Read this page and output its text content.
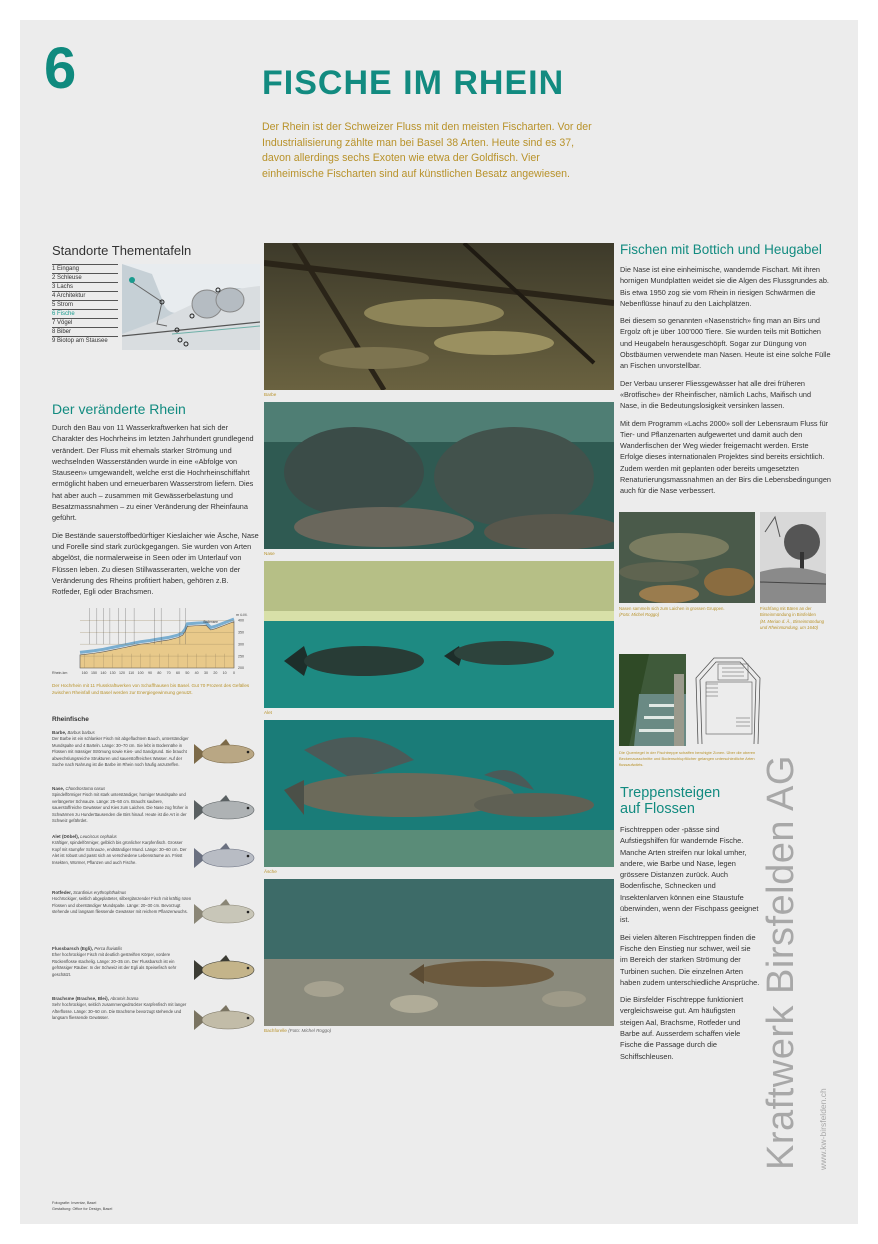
6	FISCHE IM RHEIN
Der Rhein ist der Schweizer Fluss mit den meisten Fischarten. Vor der Industrialisierung zählte man bei Basel 38 Arten. Heute sind es 37, davon allerdings sechs Exoten wie etwa der Goldfisch. Vier einheimische Fischarten sind auf künstlichen Besatz angewiesen.
Standorte Thementafeln
1 Eingang
2 Schleuse
3 Lachs
4 Architektur
5 Strom
6 Fische
7 Vögel
8 Biber
9 Biotop am Stausee
Der veränderte Rhein

Durch den Bau von 11 Wasserkraftwerken hat sich der Charakter des Hochrheins im letzten Jahrhundert grundlegend verändert. Der Fluss mit ehemals starker Strömung und wechselnden Wasserständen wurde in eine «Abfolge von Stauseen» umgewandelt, welche erst die Hochrheinschiffahrt ermöglicht haben und erneuerbaren Wasserstrom liefern. Dies hat aber auch – zusammen mit Gewässerbelastung und Besatzmassnahmen – zu einer Veränderung der Rheinfauna geführt.

Die Bestände sauerstoffbedürftiger Kieslaicher wie Äsche, Nase und Forelle sind stark zurückgegangen. Sie wurden von Arten abgelöst, die normalerweise in Seen oder im Unterlauf von Flüssen leben. Zu diesen Stillwasserarten, welche von der Veränderung des Rheins profitiert haben, gehören z.B. Rotfeder, Egli oder Brachsmen.

160 150 140 130 120 110 100 90 80 70 60 50 40 30 20 10 0
400
350
300
250
200
Rhein-km
m ü.M.
Bodensee
Der Hochrhein mit 11 Flusskraftwerken von Schaffhausen bis Basel. Gut 70 Prozent des Gefälles zwischen Rheinfall und Basel werden zur Energiegewinnung genutzt.
Rheinfische
Barbe, Barbus barbus
Der Barbe ist ein schlanker Fisch mit abgeflachtem Bauch, unterständiger Mundspalte und 4 Barteln. Länge: 30–70 cm. Sie lebt in Bodennähe in Flüssen mit mässiger Strömung sowie Kies- und Sandgrund. Sie braucht abwechslungsreiche Strukturen und sauerstoffreiches Wasser. Auf der Suche nach Nahrung ist die Barbe im Rhein noch häufig anzutreffen.
Nase, Chondrostoma nasus
Spindelförmiger Fisch mit stark unterständiger, horniger Mundspalte und verlängerter Schnauze. Länge: 25–50 cm. Braucht saubere, sauerstoffreiche Gewässer und Kies zum Laichen. Die Nase zog früher in Schwärmen zu Hunderttausenden die Birs hinauf. Heute ist die Art in der Schweiz gefährdet.
Alet (Döbel), Leuciscus cephalus
Kräftiger, spindelförmiger, gelblich bis grünlicher Karpfenfisch. Grosser Kopf mit stumpfer Schnauze, endständiger Mund. Länge: 30–60 cm. Der Alet ist robust und passt sich an verschiedene Lebensräume an. Frisst Insekten, Würmer, Pflanzen und auch Fische.
Rotfeder, Scardinius erythrophthalmus
Hochrückiger, seitlich abgeplatteter, silberglänzender Fisch mit kräftig roten Flossen und oberständiger Mundspalte. Länge: 20–30 cm. Bevorzugt stehende und langsam fliessende Gewässer mit reichem Pflanzenwuchs.
Flussbarsch (Egli), Perca fluviatilis
Eher hochrückiger Fisch mit deutlich gestreiften Körper, vordere Rückenflosse stachelig. Länge: 20–35 cm. Der Flussbarsch ist ein gefrässiger Räuber. In der Schweiz ist der Egli als Speisefisch sehr geschätzt.
Brachsme (Brachse, Blei), Abramis brama
Sehr hochrückiger, seitlich zusammengedrückter Karpfenfisch mit langer Afterflosse. Länge: 30–50 cm. Die Brachsme bevorzugt stehende und langsam fliessende Gewässer.
Barbe
Nase
Alet
Äsche
Bachforelle (Foto: Michel Roggo)
Fischen mit Bottich und Heugabel

Die Nase ist eine einheimische, wandernde Fischart. Mit ihren hornigen Mundplatten weidet sie die Algen des Flussgrundes ab. Bis etwa 1950 zog sie vom Rhein in riesigen Schwärmen die Nebenflüsse hinauf zu den Laichplätzen.

Bei diesem so genannten «Nasenstrich» fing man an Birs und Ergolz oft je über 100'000 Tiere. Sie wurden teils mit Bottichen und Heugabeln herausgeschöpft. Sogar zur Düngung von Obstbäumen verwendete man Nasen. Heute ist eine solche Fülle an Fischen unvorstellbar.

Der Verbau unserer Fliessgewässer hat alle drei früheren «Brotfische» der Rheinfischer, nämlich Lachs, Maifisch und Nase, in die Bedeutungslosigkeit versinken lassen.

Mit dem Programm «Lachs 2000» soll der Lebensraum Fluss für Tier- und Pflanzenarten aufgewertet und damit auch den Wanderfischen der Weg wieder freigemacht werden. Erste Erfolge dieses internationalen Projektes sind bereits ersichtlich. Zudem werden mit geplanten oder bereits umgesetzten Renaturierungsmassnahmen an der Birs die Lebensbedingungen auch für die Nase verbessert.

Nasen sammeln sich zum Laichen in grossen Gruppen.
(Foto: Michel Roggo)
Fischfang mit Bären an der Birseinmündung in Birsfelden
(M. Merian d. Ä., Birseinmündung und Rheinmündung, um 1640)
Die Querriegel in der Fischtreppe schaffen beruhigte Zonen. Über die oberen Beckenausschnitte und Bodenschlupflöcher gelangen unterschiedliche Arten flussaufwärts.
Treppensteigen
auf Flossen

Fischtreppen oder -pässe sind Aufstiegshilfen für wandernde Fische. Manche Arten streifen nur lokal umher, andere, wie Barbe und Nase, legen grössere Distanzen zurück. Auch Bodenfische, Schnecken und Insektenlarven können eine Staustufe überwinden, wenn der Fischpass geeignet ist.

Bei vielen älteren Fischtreppen finden die Fische den Einstieg nur schwer, weil sie im Bereich der starken Strömung der Turbinen suchen. Die einzelnen Arten haben zudem unterschiedliche Ansprüche.

Die Birsfelder Fischtreppe funktioniert vergleichsweise gut. Am häufigsten steigen Aal, Brachsme, Rotfeder und Barbe auf. Ausserdem schaffen viele Fische die Passage durch die Schiffschleusen.	Kraftwerk Birsfelden AG www.kw-birsfelden.ch
Fotografie: Inventar, Basel
Gestaltung: Office for Design, Basel
